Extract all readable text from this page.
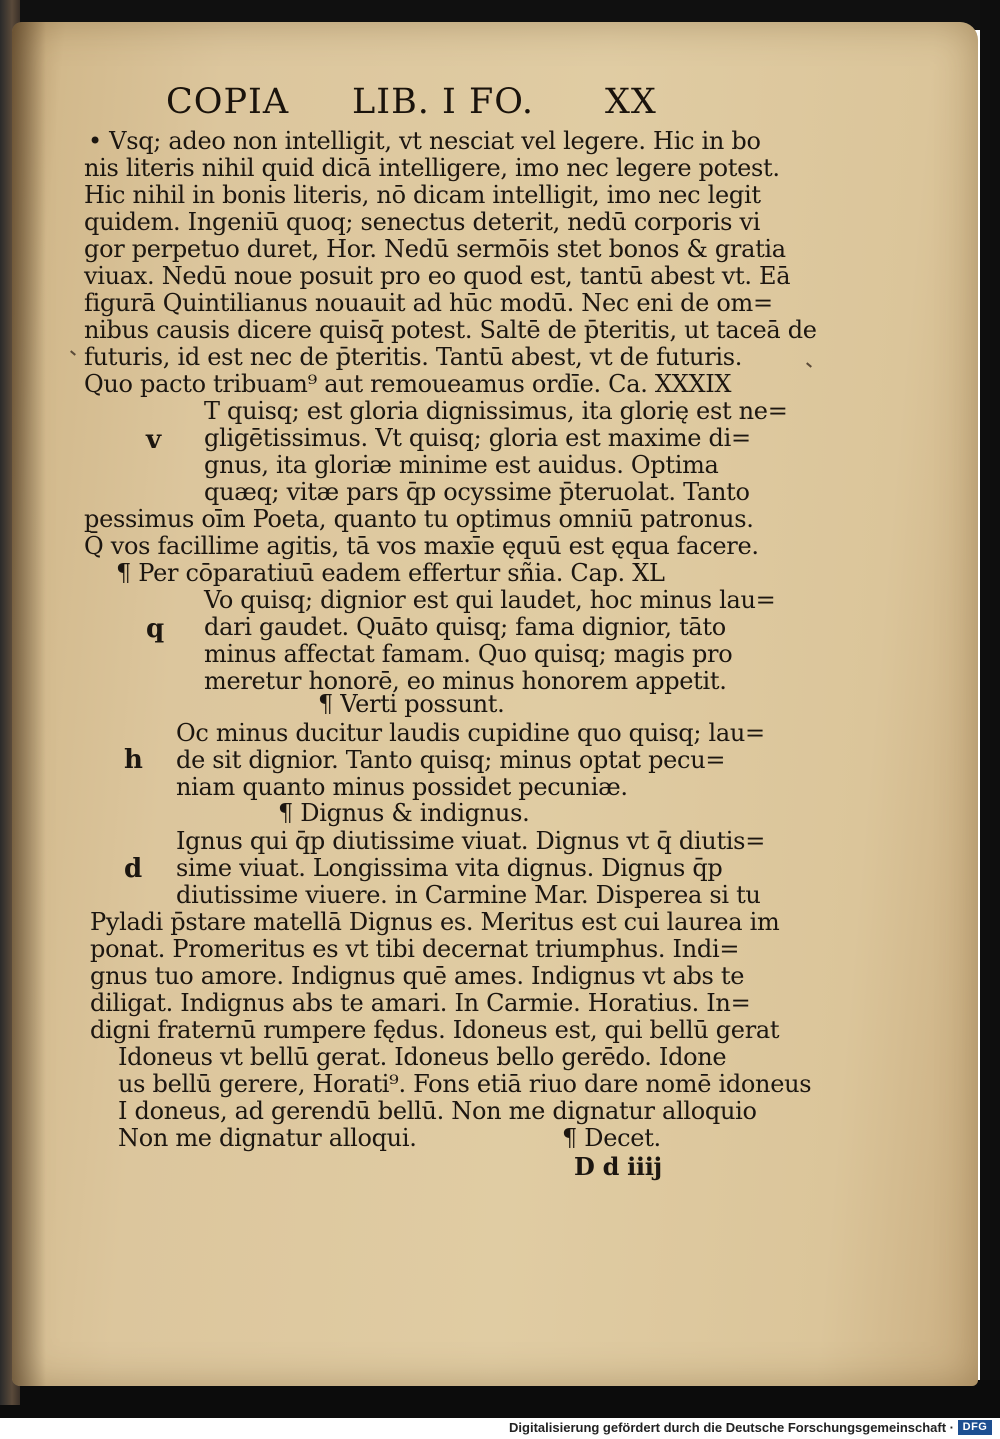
COPIA LIB. I FO. XX
• Vsq; adeo non intelligit, vt nesciat vel legere. Hic in bo
nis literis nihil quid dicā intelligere, imo nec legere potest.
Hic nihil in bonis literis, nō dicam intelligit, imo nec legit
quidem. Ingeniū quoq; senectus deterit, nedū corporis vi
gor perpetuo duret, Hor. Nedū sermōis stet bonos & gratia
viuax. Nedū noue posuit pro eo quod est, tantū abest vt. Eā
figurā Quintilianus nouauit ad hūc modū. Nec eni de om=
nibus causis dicere quisq̄ potest. Saltē de p̄teritis, ut taceā de
futuris, id est nec de p̄teritis. Tantū abest, vt de futuris.
Quo pacto tribuam⁹ aut remoueamus ordīe. Ca. XXXIX
v
T quisq; est gloria dignissimus, ita glorię est ne=
gligētissimus. Vt quisq; gloria est maxime di=
gnus, ita gloriæ minime est auidus. Optima
quæq; vitæ pars q̄p ocyssime p̄teruolat. Tanto
pessimus oīm Poeta, quanto tu optimus omniū patronus.
Q̄ vos facillime agitis, tā vos maxīe ęquū est ęqua facere.
¶ Per cōparatiuū eadem effertur sñia. Cap. XL
q
Vo quisq; dignior est qui laudet, hoc minus lau=
dari gaudet. Quāto quisq; fama dignior, tāto
minus affectat famam. Quo quisq; magis pro
meretur honorē, eo minus honorem appetit.
¶ Verti possunt.
h
Oc minus ducitur laudis cupidine quo quisq; lau=
de sit dignior. Tanto quisq; minus optat pecu=
niam quanto minus possidet pecuniæ.
¶ Dignus & indignus.
d
Ignus qui q̄p diutissime viuat. Dignus vt q̄ diutis=
sime viuat. Longissima vita dignus. Dignus q̄p
diutissime viuere. in Carmine Mar. Disperea si tu
Pyladi p̄stare matellā Dignus es. Meritus est cui laurea im
ponat. Promeritus es vt tibi decernat triumphus. Indi=
gnus tuo amore. Indignus quē ames. Indignus vt abs te
diligat. Indignus abs te amari. In Carmie. Horatius. In=
digni fraternū rumpere fędus. Idoneus est, qui bellū gerat
Idoneus vt bellū gerat. Idoneus bello gerēdo. Idone
us bellū gerere, Horati⁹. Fons etiā riuo dare nomē idoneus
I doneus, ad gerendū bellū. Non me dignatur alloquio
Non me dignatur alloqui.	¶ Decet.
D d iiij
Digitalisierung gefördert durch die Deutsche Forschungsgemeinschaft · DFG
